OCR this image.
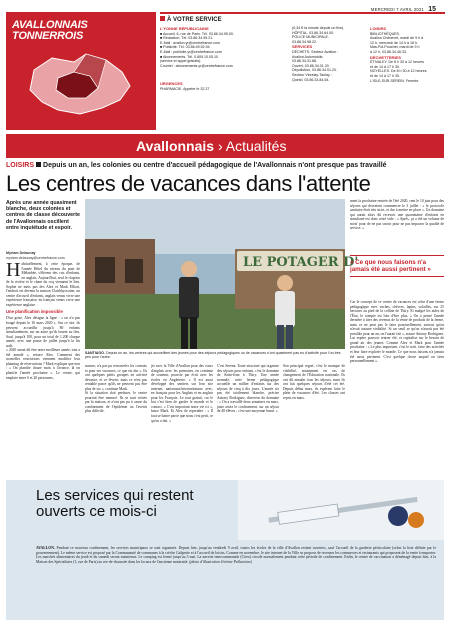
MERCREDI 7 AVRIL 2021 15
AVALLONNAIS
TONNERROIS
À VOTRE SERVICE
L'YONNE RÉPUBLICAINE

■ Accueil. 6, rue de Paris. Tél. 03.86.34.95.00.

■ Rédaction. Tél. 03.86.34.95.21.

E-Mail : avallon.yr@centrefrance.com

■ Publicité. Tél. 03.86.49.52.94

E-Mail : publicite.yr@centrefrance.com

■ Abonnements. Tél. 0.809.10.05.10

(service et appel gratuits).

Courriel : abonnements.yr@centrefrance.com

URGENCES

PHARMACIE. Appeler le 32.37

(0,34 € la minute depuis un fixe).

HÔPITAL. 03.86.34.64.00.

POLICE MUNICIPALE.

03.86.34.98.22.

SERVICES

DÉCHETS. Secteur Avallon :

Avallon Automobile,

03.86.34.31.88.

Ouvert, 03.86.34.01.20.

Dépollution, 03.86.34.01.20.

Secteur Vézelay-Tanlay :

Quetzl, 03.86.33.84.54.

LOISIRS

BIBLIOTHÈQUES.

Avallon Chénevet, mardi de 9 h à

12 h, mercredi de 14 h à 18 h.

Mas-Pol-Pouchet, mardi de 9 h

à 12 h, 03.86.34.46.33.

DÉCHETTERIES

ÉTIVALEY. De 8 h 30 à 12 heures

et de 14 à 17 h 30.

NOYELLES. De 8 h 30 à 12 heures

et de 14 à 17 h 30.

L'ISLE-SUR-SEREIN. Fermée.

Avallonnais › Actualités
LOISIRS Depuis un an, les colonies ou centre d'accueil pédagogique de l'Avallonnais n'ont presque pas travaillé
Les centres de vacances dans l'attente
Après une année quasiment blanche, deux colonies et centres de classe découverte de l'Avallonnais oscillent entre inquiétude et espoir.
Myriam Delaunay
myriam.delaunay@centrefrance.com
Habituellement, à cette époque, de l'année Hôtel du niveau du pont de Mélanbée, s'élèvent des cris d'enfants, en anglais. Aujourd'hui, seul le clapotis de la rivière et le chant du coq viennent le lieu. Sophie ne mets pas des Alex et Mark Elliott, l'endroit est devenu la maison Clairbhyocaine, un centre d'accueil d'enfants, anglais venus vivre une expérience française, en français venus vivre une expérience anglaise.
Une planification impossible

D'un geste, Alex désigne la ligne : « on n'a pas bougé depuis le 16 mars 2020 ». Sur ce site, ils peuvent accueillir jusqu'à 80 enfants simultanément, sur un autre qu'ils louent au lieu. Sauf, jusqu'à 100, pour un total de 1.200 chaque année, avec une pause de juillet jusqu'à la fin août.

« 2020 aurait dû être notre meilleure année, tout a été annulé », retrace Alex. Comment des nouvelles restrictions viennent modifier leur planning de réservations ? Mark explique que non : « On planifie douze mois à l'avance, là on planifie l'année prochaine ». Le centre, qui emploie entre 6 et 20 personnes,

LE POTAGER D'
SANTIAGO. Depuis un an, les centres qui accueillent des jeunes pour des séjours pédagogiques ou de vacances n'ont quasiment pas eu d'activité pour l'un très peu pour l'autre.

sonnes, n'a pas pu renouveler les contrats et pour ses vacances, ce que est dur ». Ils ont quelques petits groupes en activité devance, et ce février, mais ce n'est pas rentable parce qu'ils ne peuvent pas être plus de six », continue Mark.

Si la situation doit perdurer, le centre pourrait être menacé. Ils se sont retirés par la maison, et n'ont pas pu à cause du confinement de l'épidémie ou l'avenir plus difficile.

jet avec la Ville d'Avallon pour des cours d'anglais avec les primaires, en continue de soutenir, pouvoir par écrit avec les écoles en Angleterre. « Il est aussi développé des sentiers sur leur site internet, nationaux/internationaux avec, en français pour les Anglais et en anglais pour les Français. Le tout gratuit, car le but c'est bien de garder le monde et le contact. « C'est important notre vie ici », lance Mark. Et Alex de reprendre : « Il faut se battre parce que nous c'est petit, ce qu'on a fait. »
C'est Serena. Toute structure qui organise des séjours pour enfants, c'est le domaine de Saint-Jean à Thiry. Une année normale, cette ferme pédagogique accueille un millier d'enfants sur des séjours de cinq à dix jours. L'année n'a pas été totalement blanche, précise Antony Rodriguez, directeur du domaine : « On a travaillé deux semaines en mars, juste assez le confinement, sur un séjour de 40 élèves ; c'est une moyenne basse. »
Son principal regret, c'est le manque de visibilité, notamment en cas de changement de l'Éducation nationale. Ils ont dû annuler tous les séjours, mais ils ont fait quelques séjours d'été cet été. Depuis début mars, ils espèrent faire le plein de vacances d'été. Les classes ont repris en mars.
ment la prochaine rentrée de l'été 2020, cent le 10 juin pour des séjours qui devraient commencer le 3 juillet : « le protocole sanitaire était très strict, et dur à mettre en place ». Un domaine qui aurait alors dû recevoir une quarantaine d'enfants en simultané est donc resté vide : « Après, ça a été un volume de mots' pour de ne pas savoir pour ne pas impacter la qualité de service. »
« Ce que nous faisons n'a jamais été aussi pertinent »
Car le concept de ce centre de vacances est celui d'une ferme pédagogique avec vaches, chèvres, lapins, volailles, sur 25 hectares au pied de la colline de Thiry. Et malgré les aides de l'État, le compte est loin d'être plus. « On a pensé l'année dernière à tirer des revenus de la vente de produits de la ferme, mais ce ne peut pas le faire ponctuellement, surtout qu'on n'avait aucune visibilité. Si un seuil se qu'on n'aurait pas été possible pour un an, on l'aurait fait », assure Antony Rodriguez. Lui espère pouvoir rentrer été, et capitalise sur le besoin de grand air des jeunes. Comme Alex et Mark pour l'année prochaine : « Le plus important, c'est le trait, faire des activités et leur faire explorer le monde. Ce que nous faisons n'a jamais été aussi pertinent. C'est quelque chose auquel on tient personnellement ».
Les services qui restent ouverts ce mois-ci
AVALLON. Pendant ce nouveau confinement, les services municipaux se sont organisés. Depuis hier, jusqu'au vendredi 9 avril, toutes les écoles de la ville d'Avallon restent ouvertes, sauf l'accueil de la garderie périscolaire (selon la liste définie par le gouvernement). Le même service est proposé par la Communauté de communes à la crèche Galipette et à l'accueil de loisirs. Comme en novembre, le site internet de la Ville se propose de recenser les commerces et restaurants qui proposent de la vente à emporter. Les marchés alimentaires du jeudi et du samedi seront maintenus. Le camping est fermé jusqu'au 3 mai. La navette intercommunale (Citea) circule normalement pendant cette période de confinement. Enfin, le centre de vaccination a déménagé depuis hier, à la Maison des Spécialistes (1, rue de Paris) au rez-de-chaussée dans les locaux de l'ancienne maternité. (photo d'illustration Jérémie Pallavicine)
